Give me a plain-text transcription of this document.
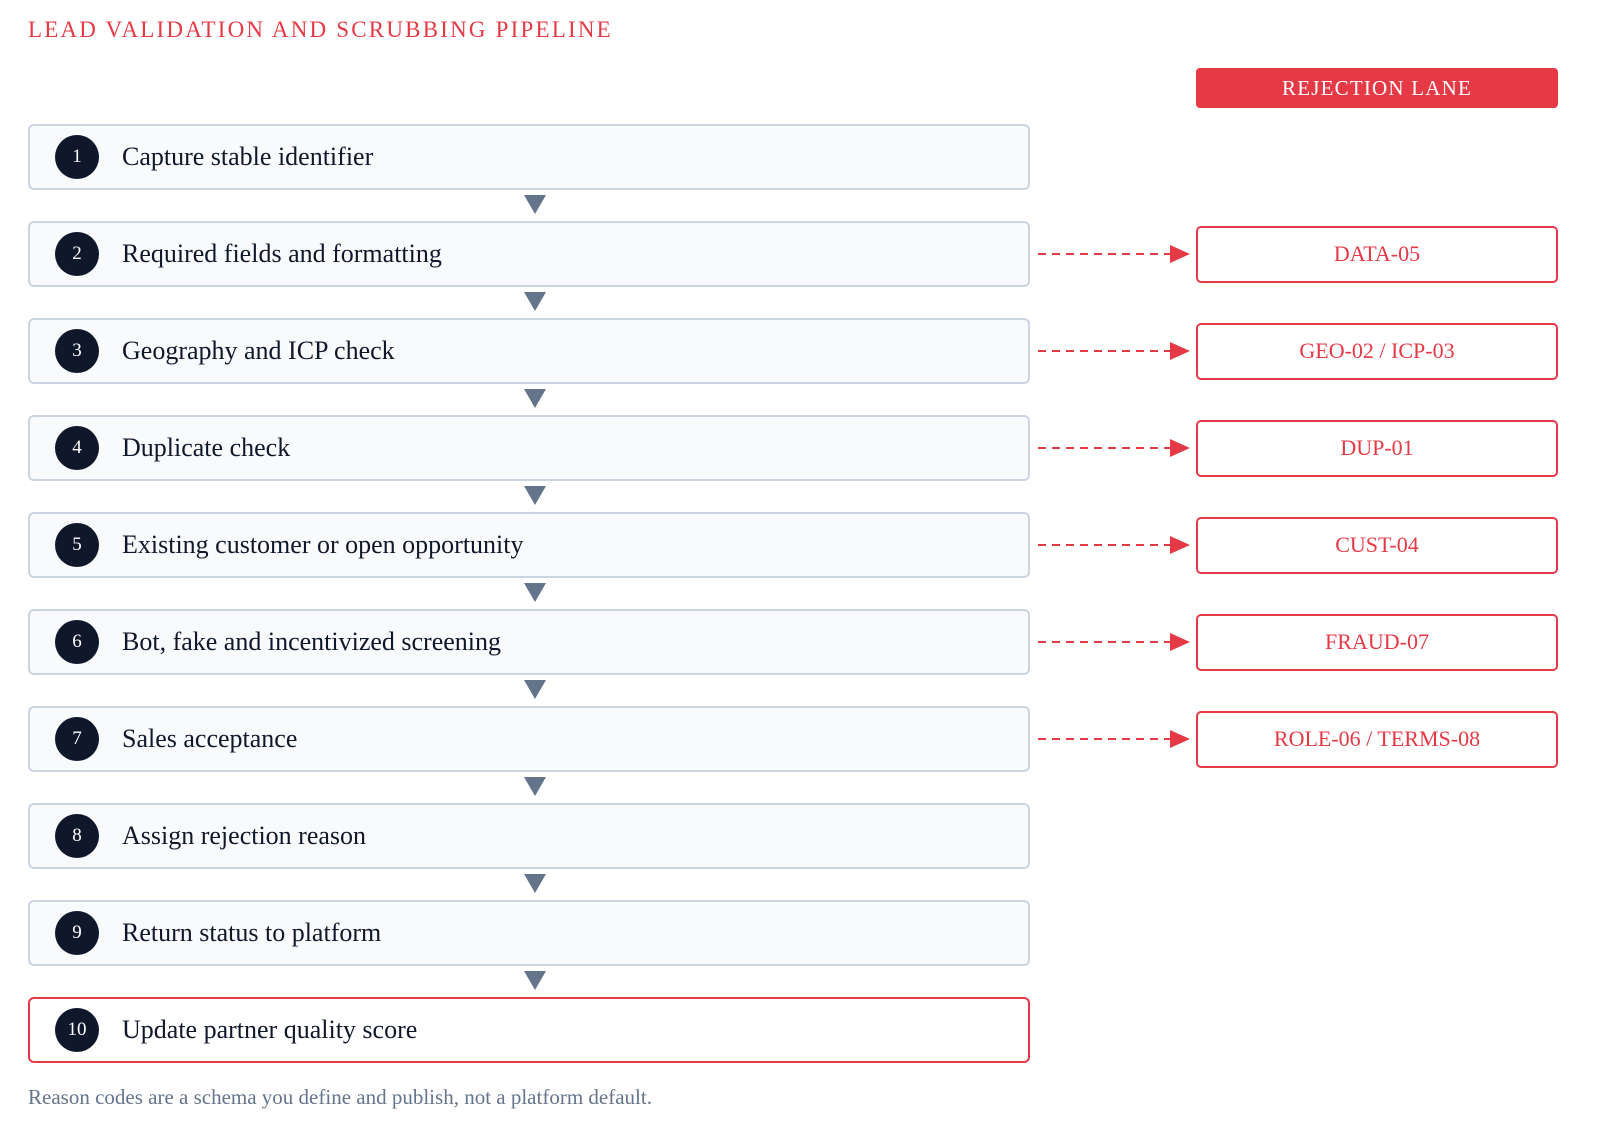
LEAD VALIDATION AND SCRUBBING PIPELINE
REJECTION LANE
1	Capture stable identifier
2	Required fields and formatting	DATA-05
3	Geography and ICP check	GEO-02 / ICP-03
4	Duplicate check	DUP-01
5	Existing customer or open opportunity	CUST-04
6	Bot, fake and incentivized screening	FRAUD-07
7	Sales acceptance	ROLE-06 / TERMS-08
8	Assign rejection reason
9	Return status to platform
10	Update partner quality score
Reason codes are a schema you define and publish, not a platform default.
